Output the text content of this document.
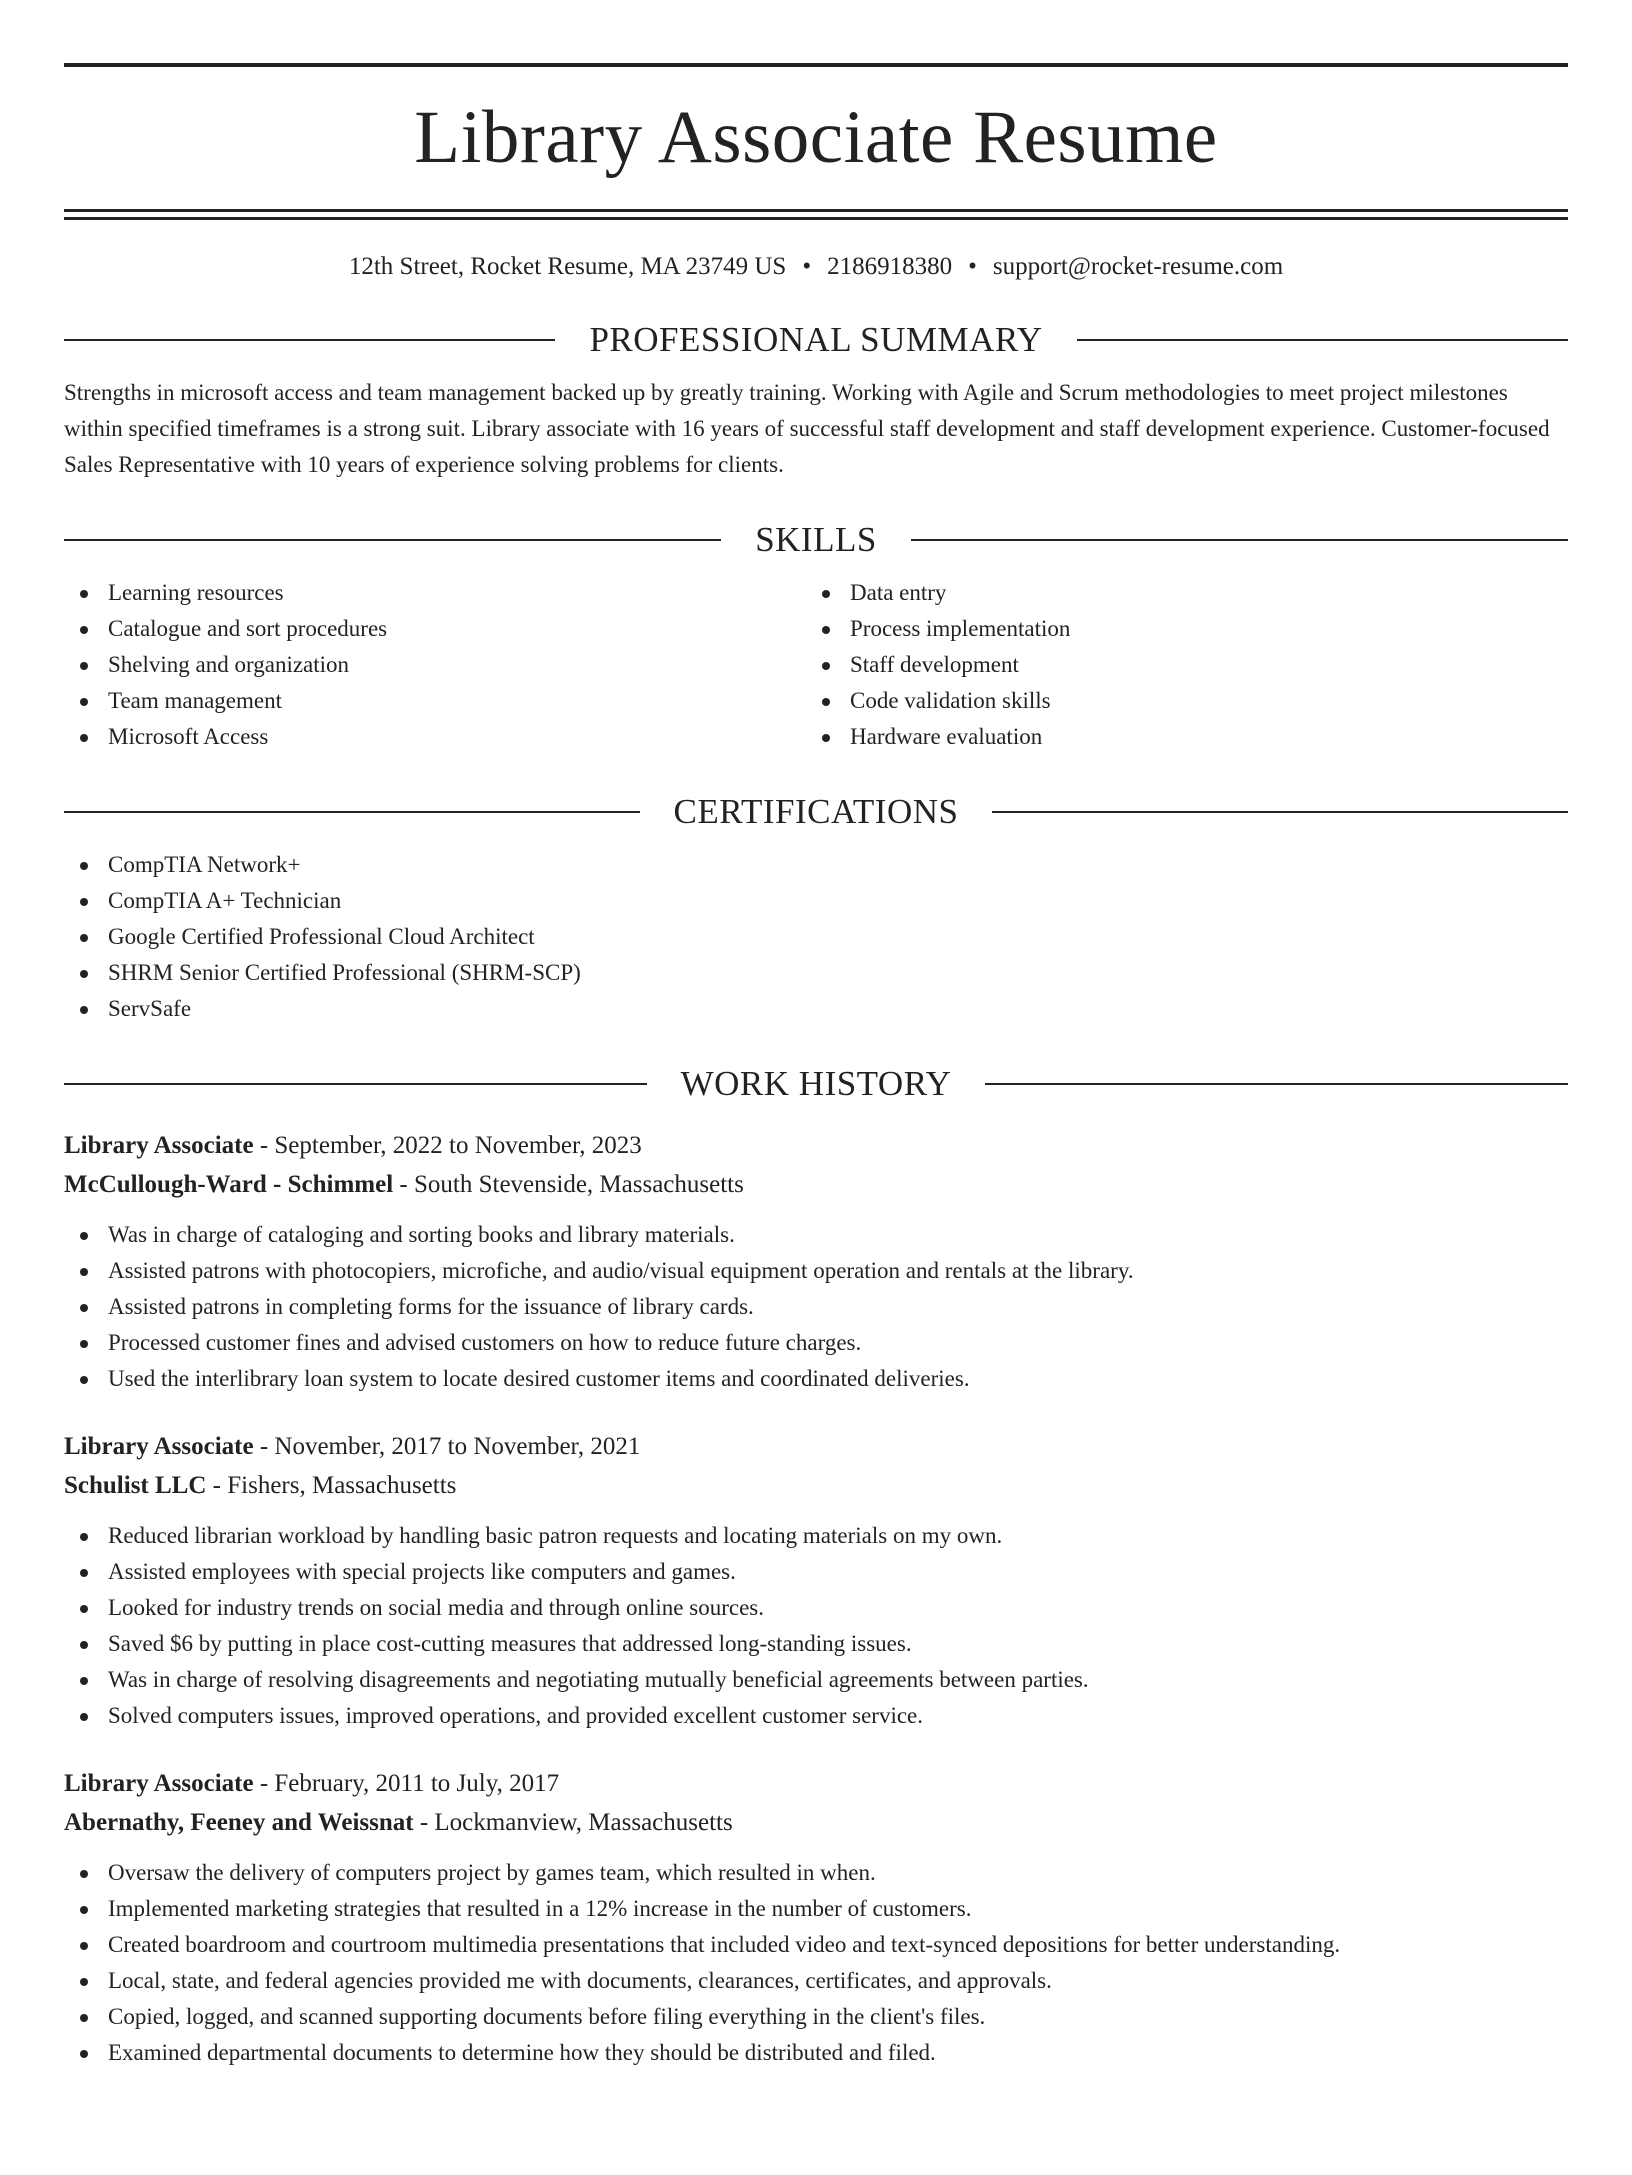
Library Associate Resume
12th Street, Rocket Resume, MA 23749 US • 2186918380 • support@rocket-resume.com
PROFESSIONAL SUMMARY
Strengths in microsoft access and team management backed up by greatly training. Working with Agile and Scrum methodologies to meet project milestones within specified timeframes is a strong suit. Library associate with 16 years of successful staff development and staff development experience. Customer-focused Sales Representative with 10 years of experience solving problems for clients.
SKILLS
Learning resources
Catalogue and sort procedures
Shelving and organization
Team management
Microsoft Access
Data entry
Process implementation
Staff development
Code validation skills
Hardware evaluation
CERTIFICATIONS
CompTIA Network+
CompTIA A+ Technician
Google Certified Professional Cloud Architect
SHRM Senior Certified Professional (SHRM-SCP)
ServSafe
WORK HISTORY
Library Associate - September, 2022 to November, 2023
McCullough-Ward - Schimmel - South Stevenside, Massachusetts
Was in charge of cataloging and sorting books and library materials.
Assisted patrons with photocopiers, microfiche, and audio/visual equipment operation and rentals at the library.
Assisted patrons in completing forms for the issuance of library cards.
Processed customer fines and advised customers on how to reduce future charges.
Used the interlibrary loan system to locate desired customer items and coordinated deliveries.
Library Associate - November, 2017 to November, 2021
Schulist LLC - Fishers, Massachusetts
Reduced librarian workload by handling basic patron requests and locating materials on my own.
Assisted employees with special projects like computers and games.
Looked for industry trends on social media and through online sources.
Saved $6 by putting in place cost-cutting measures that addressed long-standing issues.
Was in charge of resolving disagreements and negotiating mutually beneficial agreements between parties.
Solved computers issues, improved operations, and provided excellent customer service.
Library Associate - February, 2011 to July, 2017
Abernathy, Feeney and Weissnat - Lockmanview, Massachusetts
Oversaw the delivery of computers project by games team, which resulted in when.
Implemented marketing strategies that resulted in a 12% increase in the number of customers.
Created boardroom and courtroom multimedia presentations that included video and text-synced depositions for better understanding.
Local, state, and federal agencies provided me with documents, clearances, certificates, and approvals.
Copied, logged, and scanned supporting documents before filing everything in the client's files.
Examined departmental documents to determine how they should be distributed and filed.
